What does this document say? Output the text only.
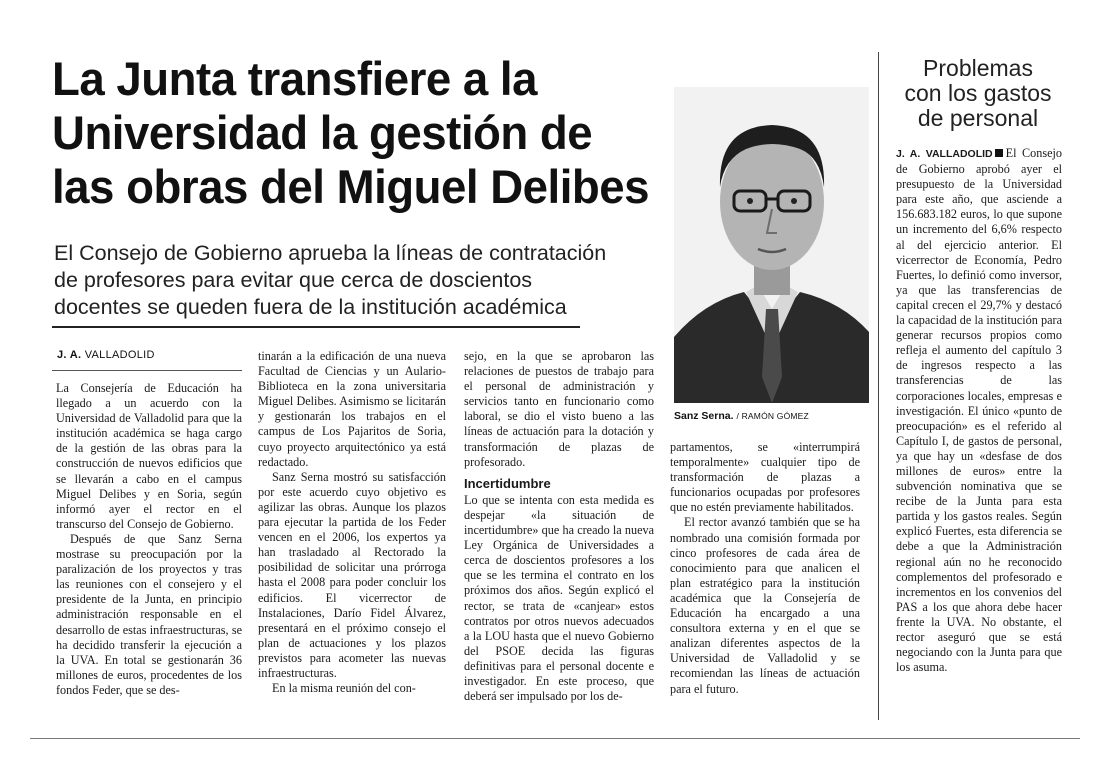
La Junta transfiere a la
Universidad la gestión de
las obras del Miguel Delibes
El Consejo de Gobierno aprueba la líneas de contratación
de profesores para evitar que cerca de doscientos
docentes se queden fuera de la institución académica
J. A. VALLADOLID

La Consejería de Educación ha llegado a un acuerdo con la Universidad de Valladolid para que la institución académica se haga cargo de la gestión de las obras para la construcción de nuevos edificios que se llevarán a cabo en el campus Miguel Delibes y en Soria, según informó ayer el rector en el transcurso del Consejo de Gobierno.

Después de que Sanz Serna mostrase su preocupación por la paralización de los proyectos y tras las reuniones con el consejero y el presidente de la Junta, en principio administración responsable en el desarrollo de estas infraestructuras, se ha decidido transferir la ejecución a la UVA. En total se gestionarán 36 millones de euros, procedentes de los fondos Feder, que se des-

tinarán a la edificación de una nueva Facultad de Ciencias y un Aulario-Biblioteca en la zona universitaria Miguel Delibes. Asimismo se licitarán y gestionarán los trabajos en el campus de Los Pajaritos de Soria, cuyo proyecto arquitectónico ya está redactado.

Sanz Serna mostró su satisfacción por este acuerdo cuyo objetivo es agilizar las obras. Aunque los plazos para ejecutar la partida de los Feder vencen en el 2006, los expertos ya han trasladado al Rectorado la posibilidad de solicitar una prórroga hasta el 2008 para poder concluir los edificios. El vicerrector de Instalaciones, Darío Fidel Álvarez, presentará en el próximo consejo el plan de actuaciones y los plazos previstos para acometer las nuevas infraestructuras.

En la misma reunión del con-

sejo, en la que se aprobaron las relaciones de puestos de trabajo para el personal de administración y servicios tanto en funcionario como laboral, se dio el visto bueno a las líneas de actuación para la dotación y transformación de plazas de profesorado.

Incertidumbre

Lo que se intenta con esta medida es despejar «la situación de incertidumbre» que ha creado la nueva Ley Orgánica de Universidades a cerca de doscientos profesores a los que se les termina el contrato en los próximos dos años. Según explicó el rector, se trata de «canjear» estos contratos por otros nuevos adecuados a la LOU hasta que el nuevo Gobierno del PSOE decida las figuras definitivas para el personal docente e investigador. En este proceso, que deberá ser impulsado por los de-

Sanz Serna. / RAMÓN GÓMEZ

partamentos, se «interrumpirá temporalmente» cualquier tipo de transformación de plazas a funcionarios ocupadas por profesores que no estén previamente habilitados.

El rector avanzó también que se ha nombrado una comisión formada por cinco profesores de cada área de conocimiento para que analicen el plan estratégico para la institución académica que la Consejería de Educación ha encargado a una consultora externa y en el que se analizan diferentes aspectos de la Universidad de Valladolid y se recomiendan las líneas de actuación para el futuro.

Problemas
con los gastos
de personal
J. A. VALLADOLID El Consejo de Gobierno aprobó ayer el presupuesto de la Universidad para este año, que asciende a 156.683.182 euros, lo que supone un incremento del 6,6% respecto al del ejercicio anterior. El vicerrector de Economía, Pedro Fuertes, lo definió como inversor, ya que las transferencias de capital crecen el 29,7% y destacó la capacidad de la institución para generar recursos propios como refleja el aumento del capítulo 3 de ingresos respecto a las transferencias de las corporaciones locales, empresas e investigación. El único «punto de preocupación» es el referido al Capítulo I, de gastos de personal, ya que hay un «desfase de dos millones de euros» entre la subvención nominativa que se recibe de la Junta para esta partida y los gastos reales. Según explicó Fuertes, esta diferencia se debe a que la Administración regional aún no he reconocido complementos del profesorado e incrementos en los convenios del PAS a los que ahora debe hacer frente la UVA. No obstante, el rector aseguró que se está negociando con la Junta para que los asuma.
